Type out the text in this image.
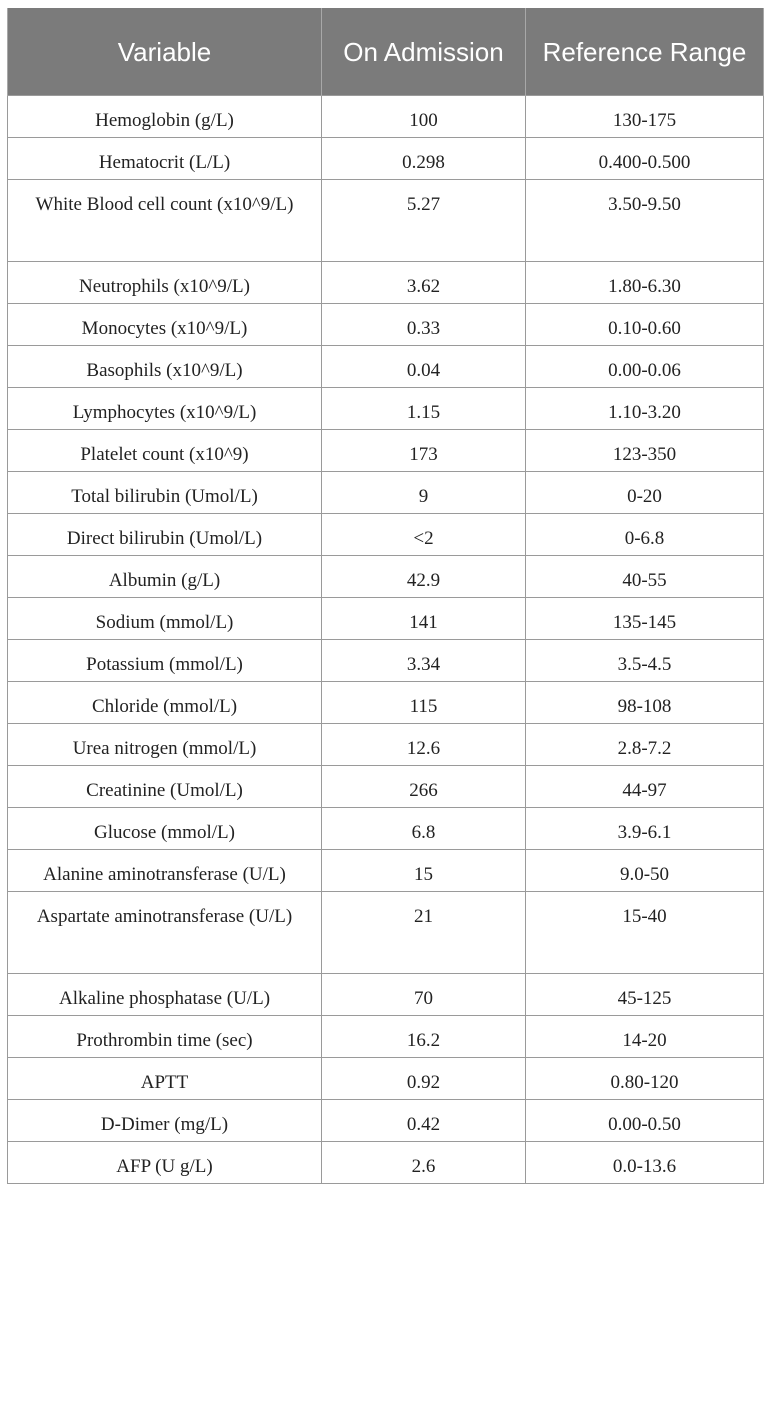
Variable	On Admission	Reference Range
Hemoglobin (g/L)	100	130-175
Hematocrit (L/L)	0.298	0.400-0.500
White Blood cell count (x10^9/L)	5.27	3.50-9.50
Neutrophils (x10^9/L)	3.62	1.80-6.30
Monocytes (x10^9/L)	0.33	0.10-0.60
Basophils (x10^9/L)	0.04	0.00-0.06
Lymphocytes (x10^9/L)	1.15	1.10-3.20
Platelet count (x10^9)	173	123-350
Total bilirubin (Umol/L)	9	0-20
Direct bilirubin (Umol/L)	<2	0-6.8
Albumin (g/L)	42.9	40-55
Sodium (mmol/L)	141	135-145
Potassium (mmol/L)	3.34	3.5-4.5
Chloride (mmol/L)	115	98-108
Urea nitrogen (mmol/L)	12.6	2.8-7.2
Creatinine (Umol/L)	266	44-97
Glucose (mmol/L)	6.8	3.9-6.1
Alanine aminotransferase (U/L)	15	9.0-50
Aspartate aminotransferase (U/L)	21	15-40
Alkaline phosphatase (U/L)	70	45-125
Prothrombin time (sec)	16.2	14-20
APTT	0.92	0.80-120
D-Dimer (mg/L)	0.42	0.00-0.50
AFP (U g/L)	2.6	0.0-13.6
